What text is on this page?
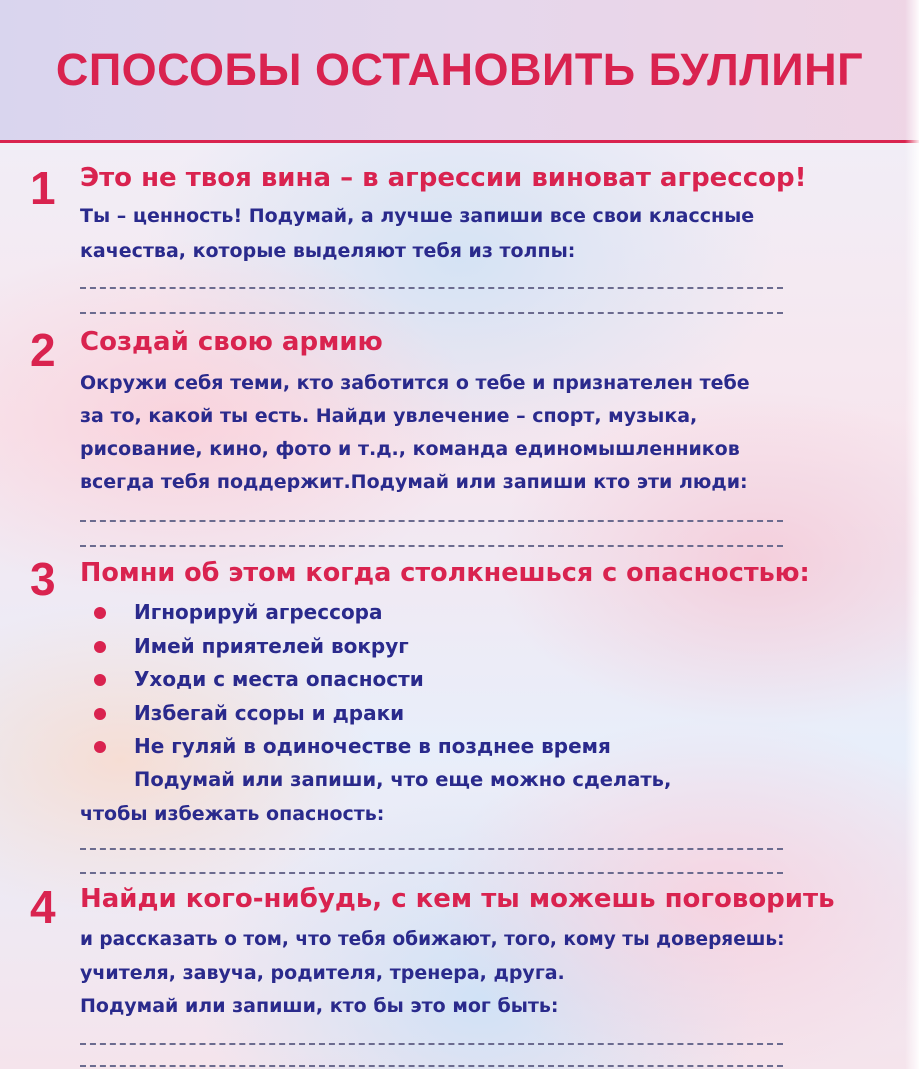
СПОСОБЫ ОСТАНОВИТЬ БУЛЛИНГ
1 Это не твоя вина – в агрессии виноват агрессор!
Ты – ценность! Подумай, а лучше запиши все свои классные
качества, которые выделяют тебя из толпы:
2 Создай свою армию
Окружи себя теми, кто заботится о тебе и признателен тебе
за то, какой ты есть. Найди увлечение – спорт, музыка,
рисование, кино, фото и т.д., команда единомышленников
всегда тебя поддержит.Подумай или запиши кто эти люди:
3 Помни об этом когда столкнешься с опасностью:
Игнорируй агрессора
Имей приятелей вокруг
Уходи с места опасности
Избегай ссоры и драки
Не гуляй в одиночестве в позднее время
Подумай или запиши, что еще можно сделать,
чтобы избежать опасность:
4 Найди кого-нибудь, с кем ты можешь поговорить
и рассказать о том, что тебя обижают, того, кому ты доверяешь:
учителя, завуча, родителя, тренера, друга.
Подумай или запиши, кто бы это мог быть:
